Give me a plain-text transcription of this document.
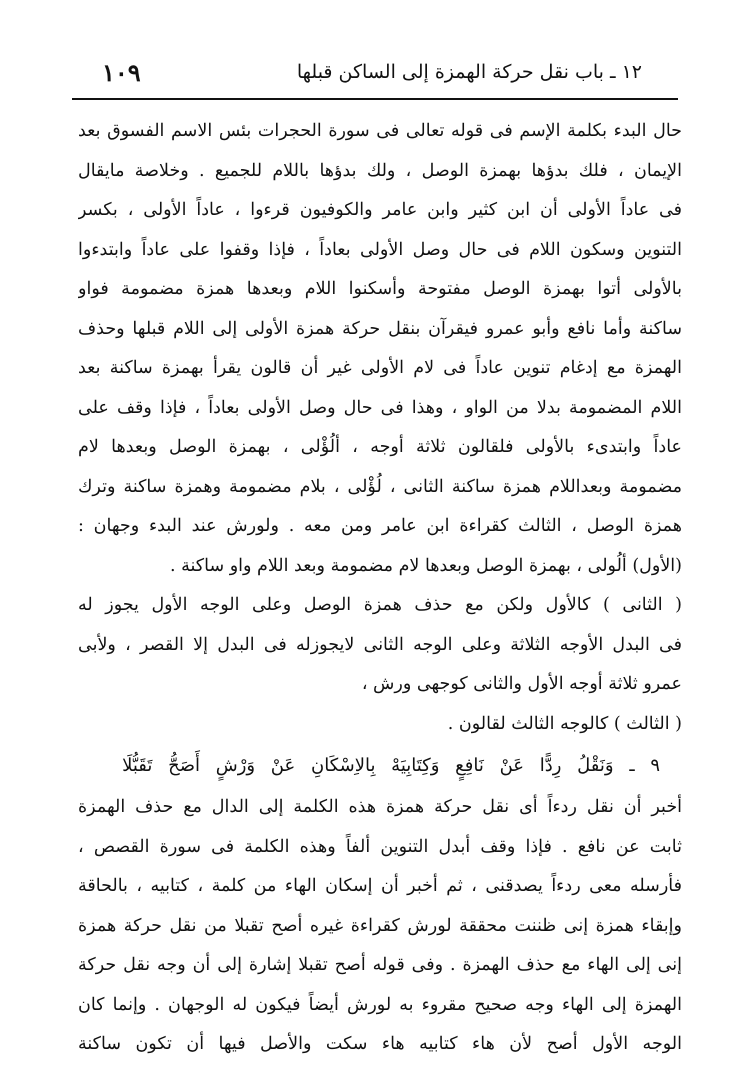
١٠٩	١٢ ـ باب نقل حركة الهمزة إلى الساكن قبلها
حال البدء بكلمة الإسم فى قوله تعالى فى سورة الحجرات بئس الاسم الفسوق بعد
الإيمان ، فلك بدؤها بهمزة الوصل ، ولك بدؤها باللام للجميع . وخلاصة مايقال
فى عاداً الأولى أن ابن كثير وابن عامر والكوفيون قرءوا ، عاداً الأولى ، بكسر
التنوين وسكون اللام فى حال وصل الأولى بعاداً ، فإذا وقفوا على عاداً وابتدءوا
بالأولى أتوا بهمزة الوصل مفتوحة وأسكنوا اللام وبعدها همزة مضمومة فواو
ساكنة وأما نافع وأبو عمرو فيقرآن بنقل حركة همزة الأولى إلى اللام قبلها وحذف
الهمزة مع إدغام تنوين عاداً فى لام الأولى غير أن قالون يقرأ بهمزة ساكنة بعد
اللام المضمومة بدلا من الواو ، وهذا فى حال وصل الأولى بعاداً ، فإذا وقف على
عاداً وابتدىء بالأولى فلقالون ثلاثة أوجه ، ألُؤْلى ، بهمزة الوصل وبعدها لام
مضمومة وبعداللام همزة ساكنة الثانى ، لُؤْلى ، بلام مضمومة وهمزة ساكنة وترك
همزة الوصل ، الثالث كقراءة ابن عامر ومن معه . ولورش عند البدء وجهان :
(الأول) ألُولى ، بهمزة الوصل وبعدها لام مضمومة وبعد اللام واو ساكنة .
( الثانى ) كالأول ولكن مع حذف همزة الوصل وعلى الوجه الأول يجوز له
فى البدل الأوجه الثلاثة وعلى الوجه الثانى لايجوزله فى البدل إلا القصر ، ولأبى
عمرو ثلاثة أوجه الأول والثانى كوجهى ورش ،
( الثالث ) كالوجه الثالث لقالون .
٩ ـ وَنَقْلُ رِدًّا عَنْ نَافِعٍ وَكِتَابِيَهْ بِالاِسْكَانِ عَنْ وَرْشٍ أَصَحُّ تَقَبُّلَا
أخبر أن نقل ردءاً أى نقل حركة همزة هذه الكلمة إلى الدال مع حذف الهمزة
ثابت عن نافع . فإذا وقف أبدل التنوين ألفاً وهذه الكلمة فى سورة القصص ،
فأرسله معى ردءاً يصدقنى ، ثم أخبر أن إسكان الهاء من كلمة ، كتابيه ، بالحاقة
وإبقاء همزة إنى ظننت محققة لورش كقراءة غيره أصح تقبلا من نقل حركة همزة
إنى إلى الهاء مع حذف الهمزة . وفى قوله أصح تقبلا إشارة إلى أن وجه نقل حركة
الهمزة إلى الهاء وجه صحيح مقروء به لورش أيضاً فيكون له الوجهان . وإنما كان
الوجه الأول أصح لأن هاء كتابيه هاء سكت والأصل فيها أن تكون ساكنة
